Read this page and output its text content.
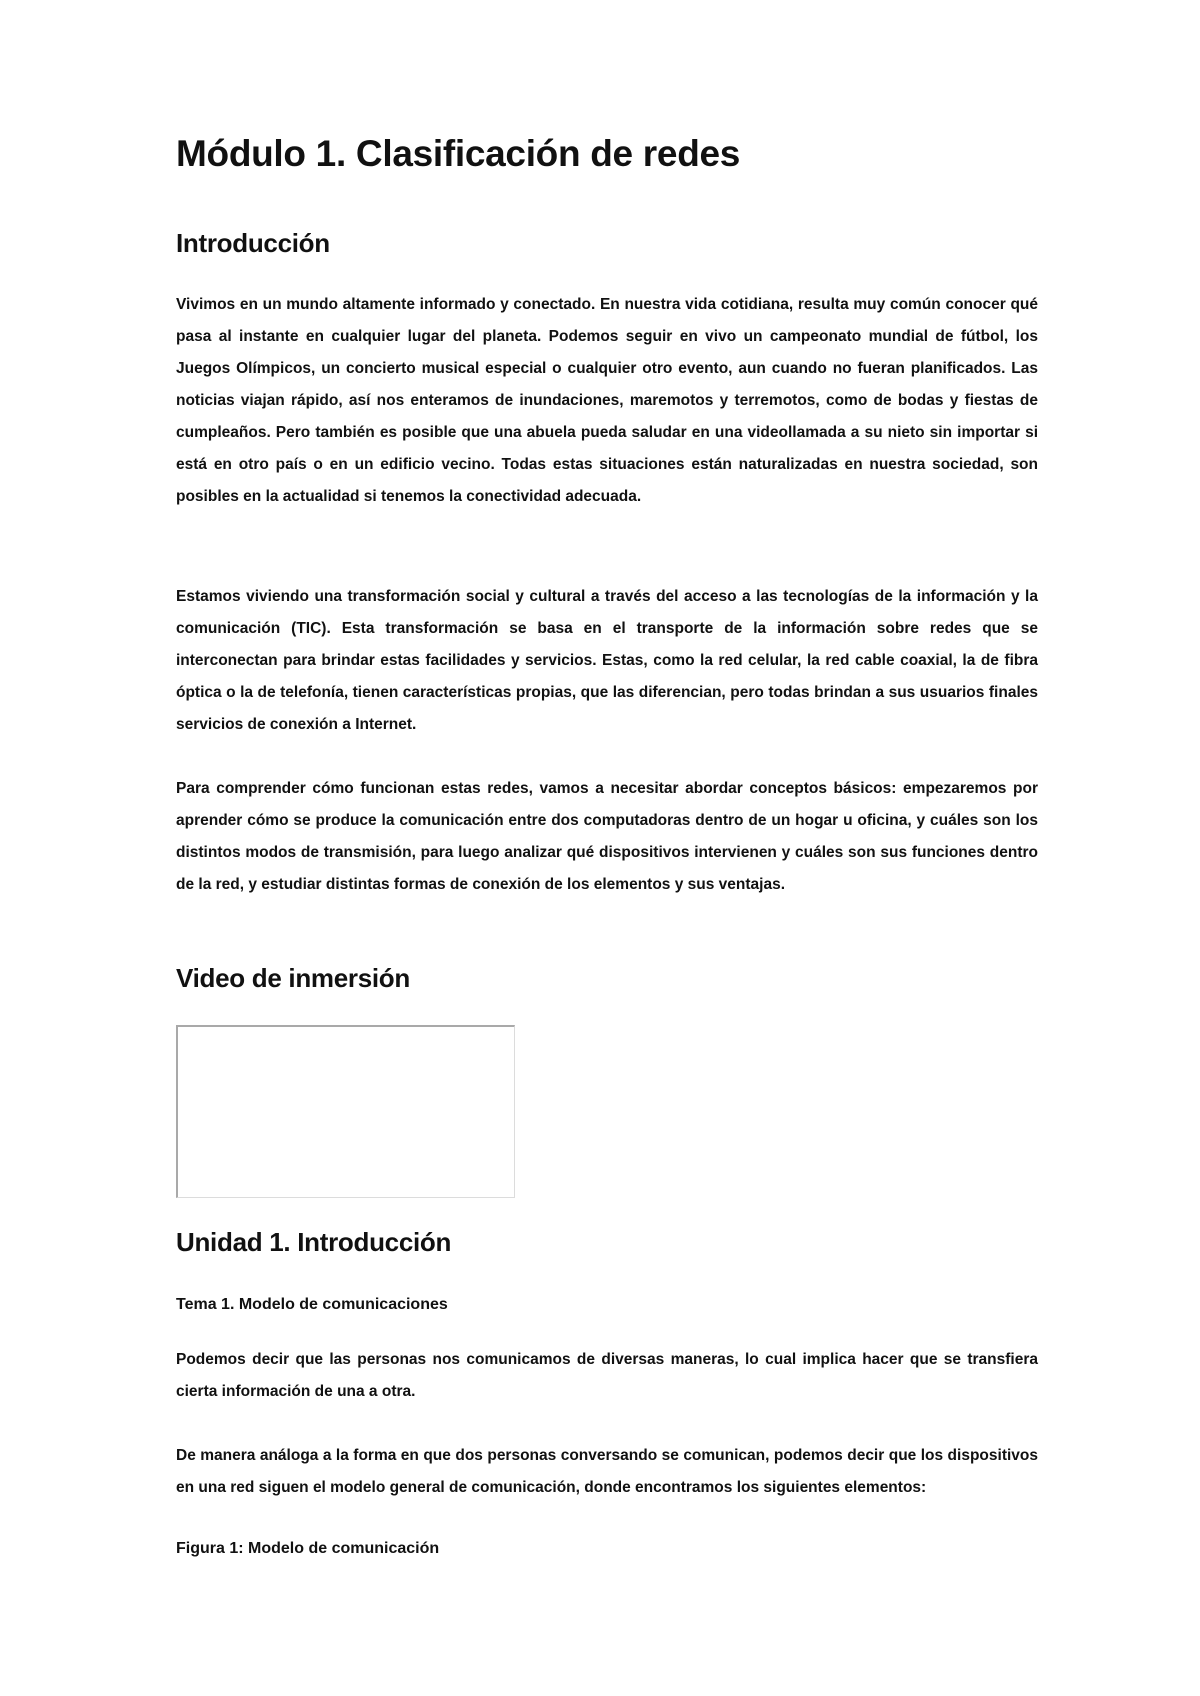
Módulo 1. Clasificación de redes
Introducción

Vivimos en un mundo altamente informado y conectado. En nuestra vida cotidiana, resulta muy común conocer qué pasa al instante en cualquier lugar del planeta. Podemos seguir en vivo un campeonato mundial de fútbol, los Juegos Olímpicos, un concierto musical especial o cualquier otro evento, aun cuando no fueran planificados. Las noticias viajan rápido, así nos enteramos de inundaciones, maremotos y terremotos, como de bodas y fiestas de cumpleaños. Pero también es posible que una abuela pueda saludar en una videollamada a su nieto sin importar si está en otro país o en un edificio vecino. Todas estas situaciones están naturalizadas en nuestra sociedad, son posibles en la actualidad si tenemos la conectividad adecuada.

Estamos viviendo una transformación social y cultural a través del acceso a las tecnologías de la información y la comunicación (TIC). Esta transformación se basa en el transporte de la información sobre redes que se interconectan para brindar estas facilidades y servicios. Estas, como la red celular, la red cable coaxial, la de fibra óptica o la de telefonía, tienen características propias, que las diferencian, pero todas brindan a sus usuarios finales servicios de conexión a Internet.

Para comprender cómo funcionan estas redes, vamos a necesitar abordar conceptos básicos: empezaremos por aprender cómo se produce la comunicación entre dos computadoras dentro de un hogar u oficina, y cuáles son los distintos modos de transmisión, para luego analizar qué dispositivos intervienen y cuáles son sus funciones dentro de la red, y estudiar distintas formas de conexión de los elementos y sus ventajas.

Video de inmersión
Unidad 1. Introducción
Tema 1. Modelo de comunicaciones

Podemos decir que las personas nos comunicamos de diversas maneras, lo cual implica hacer que se transfiera cierta información de una a otra.

De manera análoga a la forma en que dos personas conversando se comunican, podemos decir que los dispositivos en una red siguen el modelo general de comunicación, donde encontramos los siguientes elementos:

Figura 1: Modelo de comunicación
